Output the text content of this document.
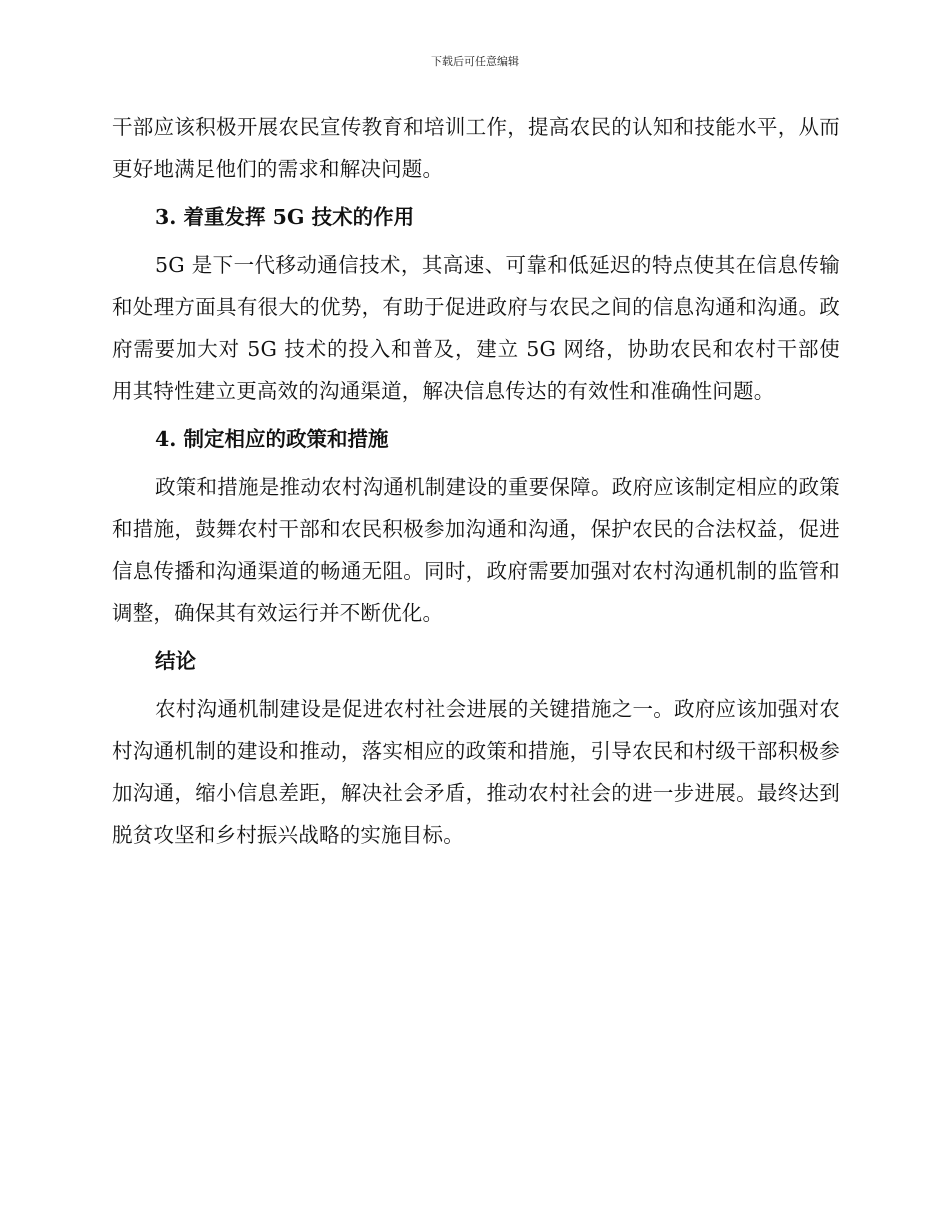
下载后可任意编辑

干部应该积极开展农民宣传教育和培训工作，提高农民的认知和技能水平，从而更好地满足他们的需求和解决问题。

3. 着重发挥 5G 技术的作用

5G 是下一代移动通信技术，其高速、可靠和低延迟的特点使其在信息传输和处理方面具有很大的优势，有助于促进政府与农民之间的信息沟通和沟通。政府需要加大对 5G 技术的投入和普及，建立 5G 网络，协助农民和农村干部使用其特性建立更高效的沟通渠道，解决信息传达的有效性和准确性问题。

4. 制定相应的政策和措施

政策和措施是推动农村沟通机制建设的重要保障。政府应该制定相应的政策和措施，鼓舞农村干部和农民积极参加沟通和沟通，保护农民的合法权益，促进信息传播和沟通渠道的畅通无阻。同时，政府需要加强对农村沟通机制的监管和调整，确保其有效运行并不断优化。

结论

农村沟通机制建设是促进农村社会进展的关键措施之一。政府应该加强对农村沟通机制的建设和推动，落实相应的政策和措施，引导农民和村级干部积极参加沟通，缩小信息差距，解决社会矛盾，推动农村社会的进一步进展。最终达到脱贫攻坚和乡村振兴战略的实施目标。
